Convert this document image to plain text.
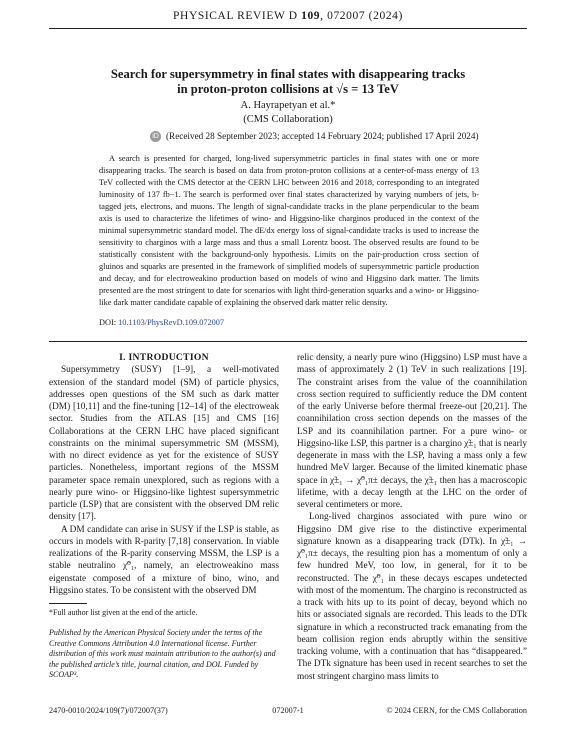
PHYSICAL REVIEW D 109, 072007 (2024)
Search for supersymmetry in final states with disappearing tracks
in proton-proton collisions at √s = 13 TeV
A. Hayrapetyan et al.*
(CMS Collaboration)
iD (Received 28 September 2023; accepted 14 February 2024; published 17 April 2024)
A search is presented for charged, long-lived supersymmetric particles in final states with one or more disappearing tracks. The search is based on data from proton-proton collisions at a center-of-mass energy of 13 TeV collected with the CMS detector at the CERN LHC between 2016 and 2018, corresponding to an integrated luminosity of 137 fb−1. The search is performed over final states characterized by varying numbers of jets, b-tagged jets, electrons, and muons. The length of signal-candidate tracks in the plane perpendicular to the beam axis is used to characterize the lifetimes of wino- and Higgsino-like charginos produced in the context of the minimal supersymmetric standard model. The dE/dx energy loss of signal-candidate tracks is used to increase the sensitivity to charginos with a large mass and thus a small Lorentz boost. The observed results are found to be statistically consistent with the background-only hypothesis. Limits on the pair-production cross section of gluinos and squarks are presented in the framework of simplified models of supersymmetric particle production and decay, and for electroweakino production based on models of wino and Higgsino dark matter. The limits presented are the most stringent to date for scenarios with light third-generation squarks and a wino- or Higgsino-like dark matter candidate capable of explaining the observed dark matter relic density.
DOI: 10.1103/PhysRevD.109.072007

I. INTRODUCTION

Supersymmetry (SUSY) [1–9], a well-motivated extension of the standard model (SM) of particle physics, addresses open questions of the SM such as dark matter (DM) [10,11] and the fine-tuning [12–14] of the electroweak sector. Studies from the ATLAS [15] and CMS [16] Collaborations at the CERN LHC have placed significant constraints on the minimal supersymmetric SM (MSSM), with no direct evidence as yet for the existence of SUSY particles. Nonetheless, important regions of the MSSM parameter space remain unexplored, such as regions with a nearly pure wino- or Higgsino-like lightest supersymmetric particle (LSP) that are consistent with the observed DM relic density [17].

A DM candidate can arise in SUSY if the LSP is stable, as occurs in models with R-parity [7,18] conservation. In viable realizations of the R-parity conserving MSSM, the LSP is a stable neutralino χ̃⁰₁, namely, an electroweakino mass eigenstate composed of a mixture of bino, wino, and Higgsino states. To be consistent with the observed DM

relic density, a nearly pure wino (Higgsino) LSP must have a mass of approximately 2 (1) TeV in such realizations [19]. The constraint arises from the value of the coannihilation cross section required to sufficiently reduce the DM content of the early Universe before thermal freeze-out [20,21]. The coannihilation cross section depends on the masses of the LSP and its coannihilation partner. For a pure wino- or Higgsino-like LSP, this partner is a chargino χ̃±₁ that is nearly degenerate in mass with the LSP, having a mass only a few hundred MeV larger. Because of the limited kinematic phase space in χ̃±₁ → χ̃⁰₁π± decays, the χ̃±₁ then has a macroscopic lifetime, with a decay length at the LHC on the order of several centimeters or more.

Long-lived charginos associated with pure wino or Higgsino DM give rise to the distinctive experimental signature known as a disappearing track (DTk). In χ̃±₁ → χ̃⁰₁π± decays, the resulting pion has a momentum of only a few hundred MeV, too low, in general, for it to be reconstructed. The χ̃⁰₁ in these decays escapes undetected with most of the momentum. The chargino is reconstructed as a track with hits up to its point of decay, beyond which no hits or associated signals are recorded. This leads to the DTk signature in which a reconstructed track emanating from the beam collision region ends abruptly within the sensitive tracking volume, with a continuation that has “disappeared.” The DTk signature has been used in recent searches to set the most stringent chargino mass limits to

*Full author list given at the end of the article.
Published by the American Physical Society under the terms of the Creative Commons Attribution 4.0 International license. Further distribution of this work must maintain attribution to the author(s) and the published article’s title, journal citation, and DOI. Funded by SCOAP³.
2470-0010/2024/109(7)/072007(37)	072007-1	© 2024 CERN, for the CMS Collaboration
